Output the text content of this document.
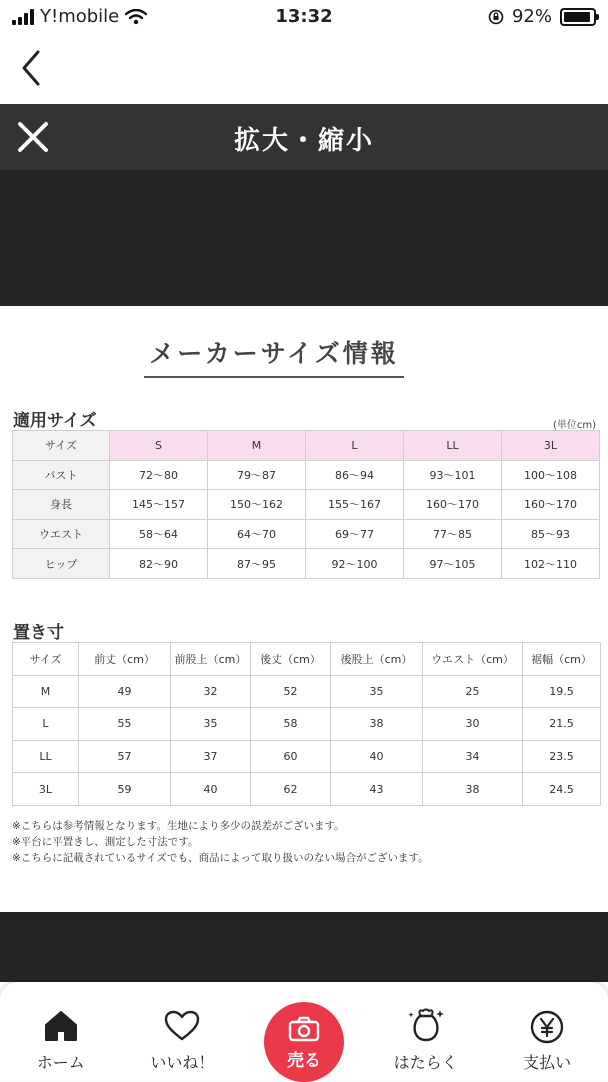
Y!mobile	13:32	92%
拡大・縮小
メーカーサイズ情報
適用サイズ	(単位cm)
サイズ	S	M	L	LL	3L
バスト	72〜80	79〜87	86〜94	93〜101	100〜108
身長	145〜157	150〜162	155〜167	160〜170	160〜170
ウエスト	58〜64	64〜70	69〜77	77〜85	85〜93
ヒップ	82〜90	87〜95	92〜100	97〜105	102〜110
置き寸
サイズ	前丈（cm）	前股上（cm）	後丈（cm）	後股上（cm）	ウエスト（cm）	裾幅（cm）
M	49	32	52	35	25	19.5
L	55	35	58	38	30	21.5
LL	57	37	60	40	34	23.5
3L	59	40	62	43	38	24.5
※こちらは参考情報となります。生地により多少の誤差がございます。
※平台に平置きし、測定した寸法です。
※こちらに記載されているサイズでも、商品によって取り扱いのない場合がございます。
ホーム	いいね！	売る	はたらく	支払い
